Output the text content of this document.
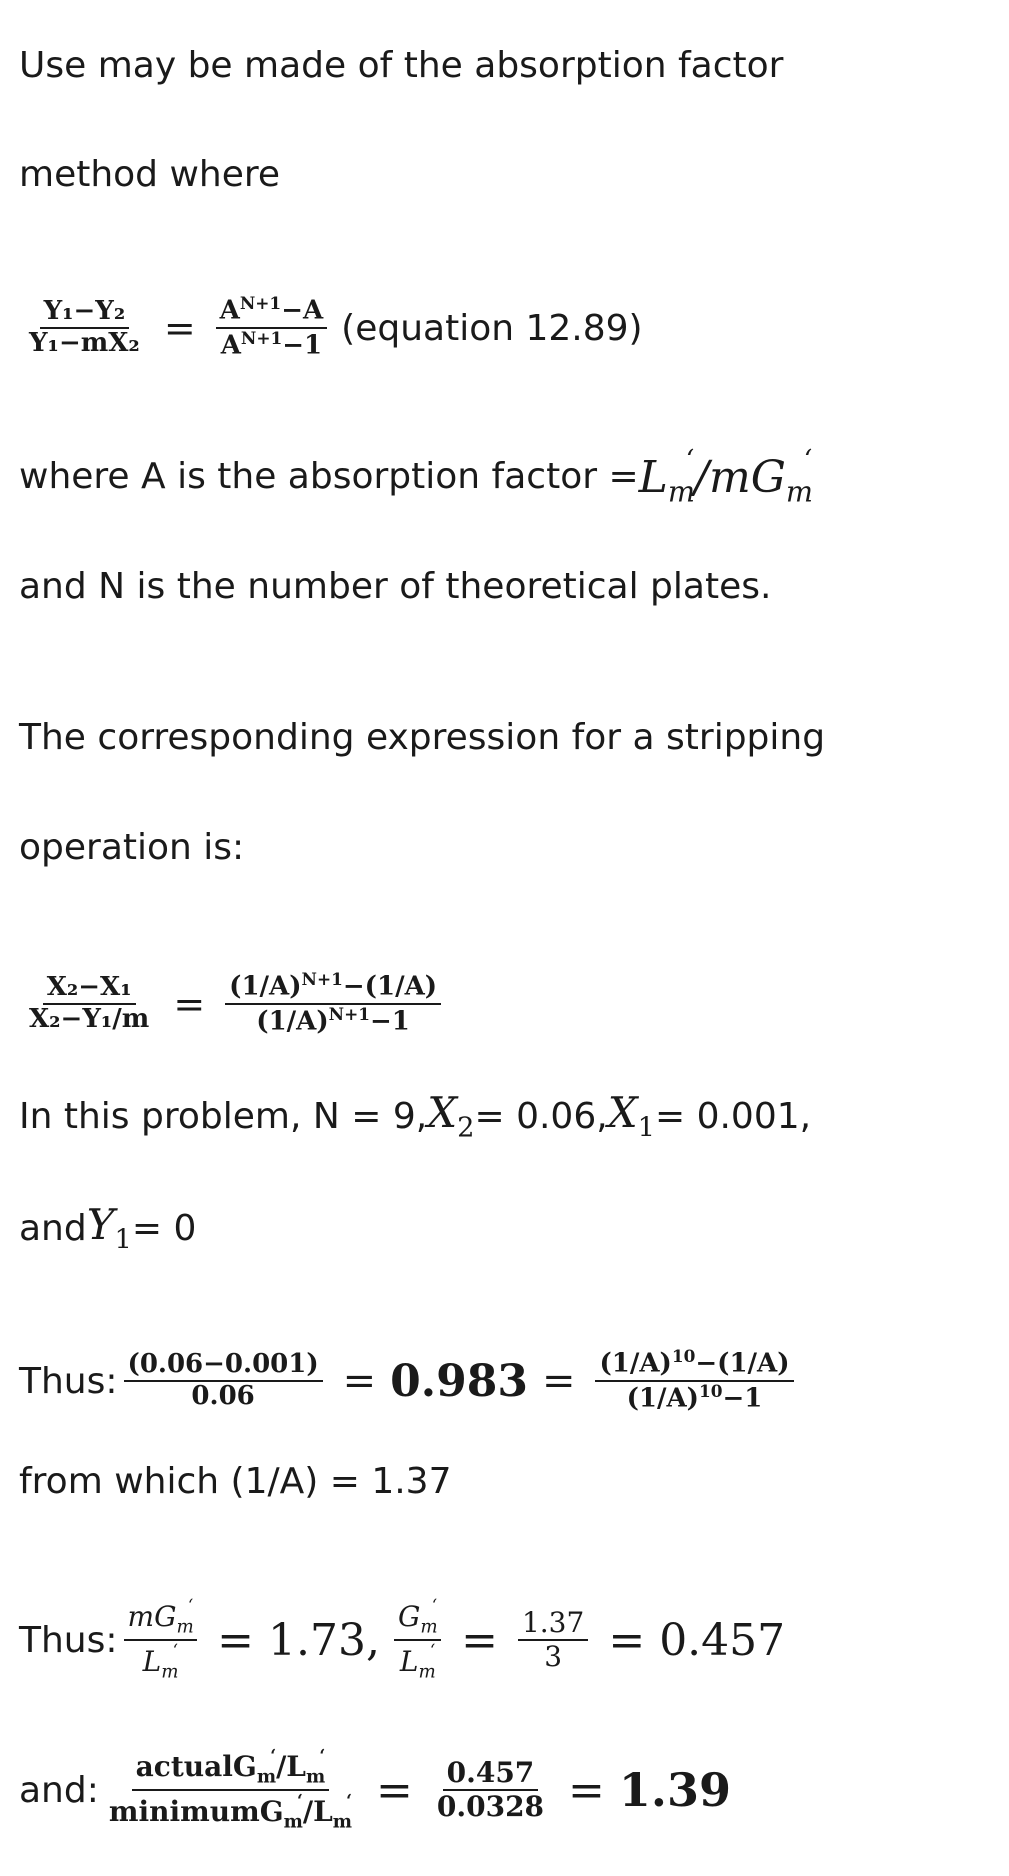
Use may be made of the absorption factor
method where
$\frac{\text{Y₁−Y₂}}{\text{Y₁−mX₂}} = \frac{A^{N+1}-A}{A^{N+1}-1}$ (equation 12.89)
where A is the absorption factor = $L_m^‘/mG_m^‘$
and N is the number of theoretical plates.
The corresponding expression for a stripping
operation is:
$\frac{\text{X₂−X₁}}{\text{X₂−Y₁/m}} = \frac{(1/A)^{N+1}-(1/A)}{(1/A)^{N+1}-1}$
In this problem, N = 9, $X_2 = 0.06$, $X_1 = 0.001$,
and $Y_1 = 0$
Thus: $\frac{(0.06-0.001)}{0.06} = 0.983 = \frac{(1/A)^{10}-(1/A)}{(1/A)^{10}-1}$
from which (1/A) = 1.37
Thus: $\frac{mG_m^‘}{L_m^‘} = 1.73$, $\frac{G_m^‘}{L_m^‘} = \frac{1.37}{3} = 0.457$
and: $\frac{actualG_m^‘/L_m^‘}{minimumG_m^‘/L_m^‘} = \frac{0.457}{0.0328} = 1.39$
